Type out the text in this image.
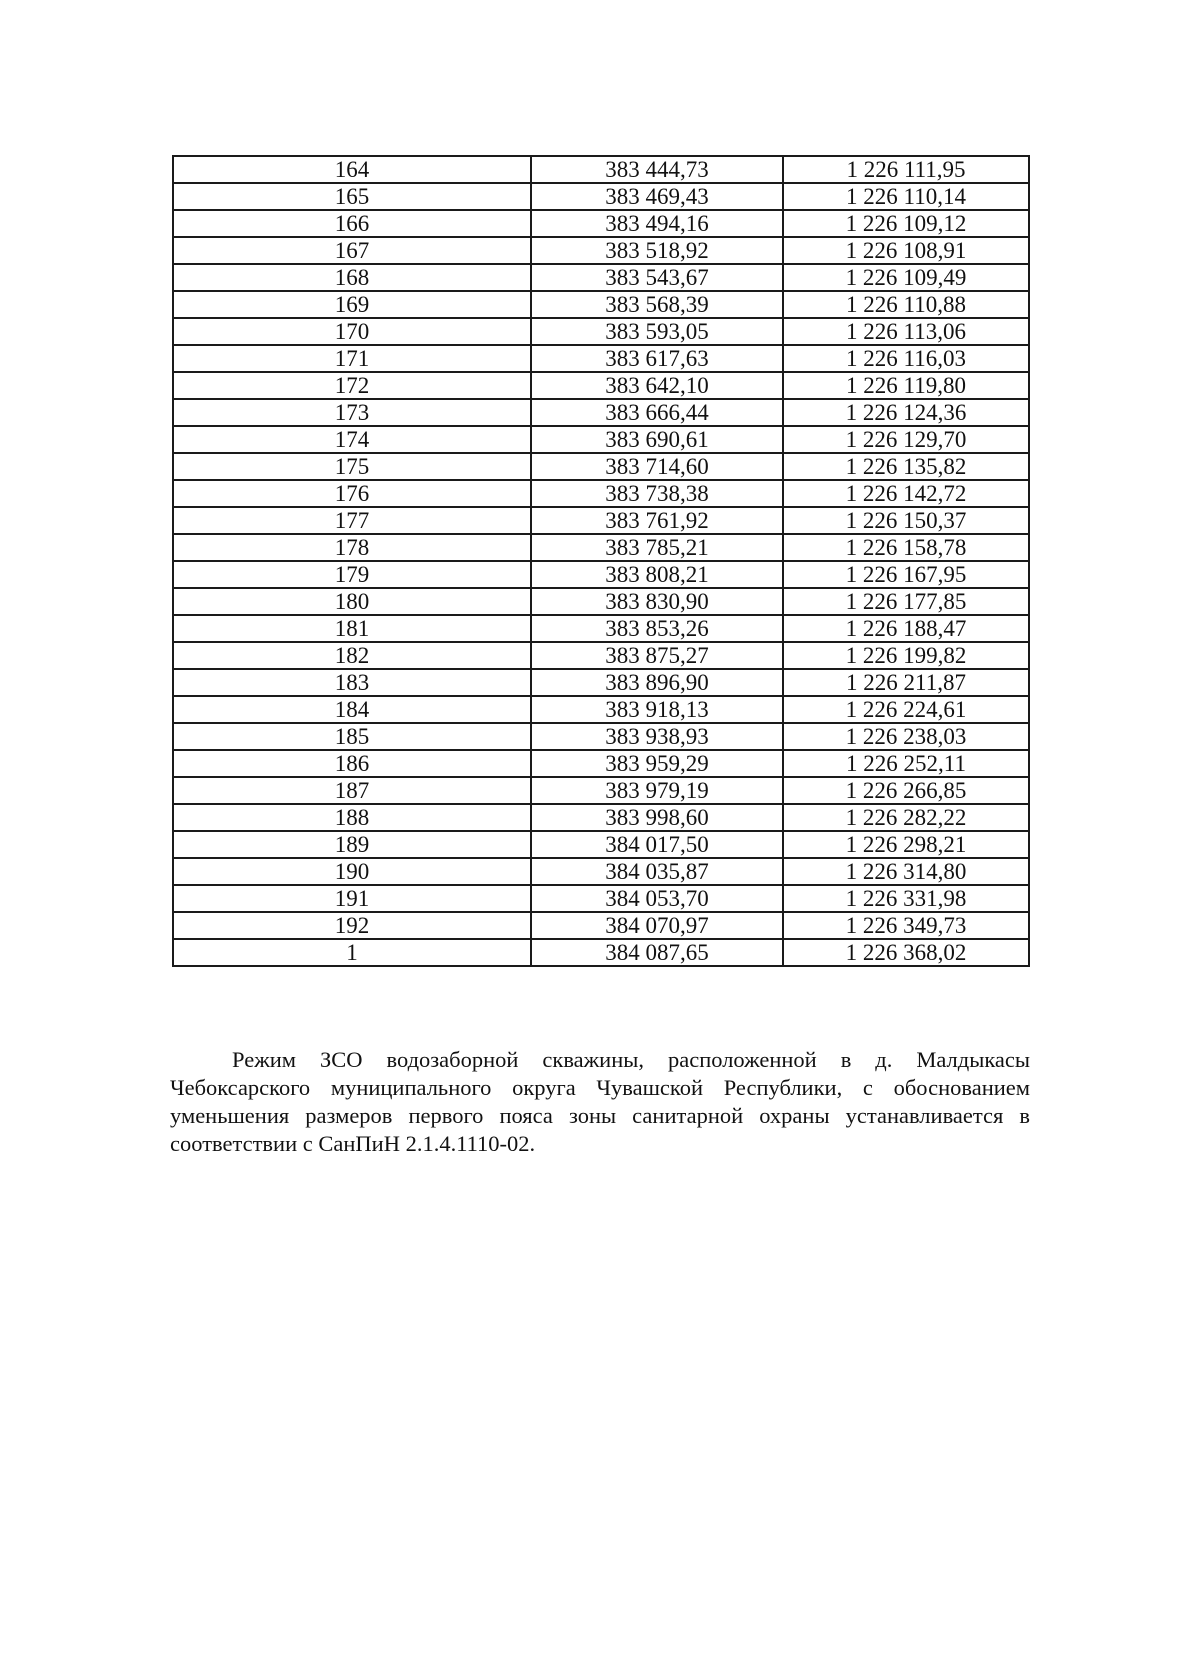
164	383 444,73	1 226 111,95
165	383 469,43	1 226 110,14
166	383 494,16	1 226 109,12
167	383 518,92	1 226 108,91
168	383 543,67	1 226 109,49
169	383 568,39	1 226 110,88
170	383 593,05	1 226 113,06
171	383 617,63	1 226 116,03
172	383 642,10	1 226 119,80
173	383 666,44	1 226 124,36
174	383 690,61	1 226 129,70
175	383 714,60	1 226 135,82
176	383 738,38	1 226 142,72
177	383 761,92	1 226 150,37
178	383 785,21	1 226 158,78
179	383 808,21	1 226 167,95
180	383 830,90	1 226 177,85
181	383 853,26	1 226 188,47
182	383 875,27	1 226 199,82
183	383 896,90	1 226 211,87
184	383 918,13	1 226 224,61
185	383 938,93	1 226 238,03
186	383 959,29	1 226 252,11
187	383 979,19	1 226 266,85
188	383 998,60	1 226 282,22
189	384 017,50	1 226 298,21
190	384 035,87	1 226 314,80
191	384 053,70	1 226 331,98
192	384 070,97	1 226 349,73
1	384 087,65	1 226 368,02

Режим ЗСО водозаборной скважины, расположенной в д. Малдыкасы Чебоксарского муниципального округа Чувашской Республики, с обоснованием уменьшения размеров первого пояса зоны санитарной охраны устанавливается в соответствии с СанПиН 2.1.4.1110-02.
